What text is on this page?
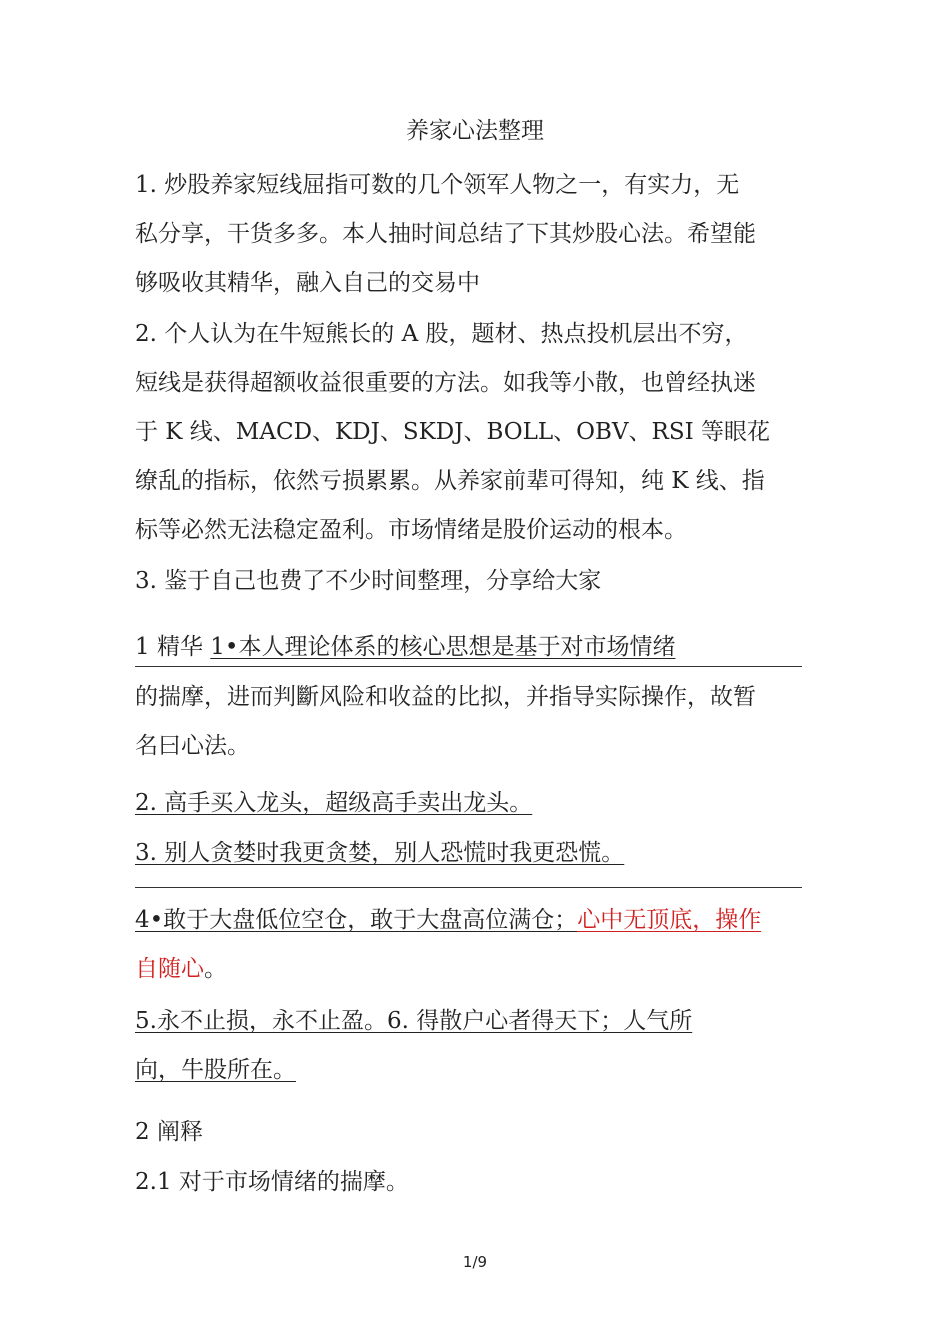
养家心法整理
1. 炒股养家短线屈指可数的几个领军人物之一，有实力，无
私分享，干货多多。本人抽时间总结了下其炒股心法。希望能
够吸收其精华，融入自己的交易中
2. 个人认为在牛短熊长的 A 股，题材、热点投机层出不穷，
短线是获得超额收益很重要的方法。如我等小散，也曾经执迷
于 K 线、MACD、KDJ、SKDJ、BOLL、OBV、RSI 等眼花
缭乱的指标，依然亏损累累。从养家前辈可得知，纯 K 线、指
标等必然无法稳定盈利。市场情绪是股价运动的根本。
3. 鉴于自己也费了不少时间整理，分享给大家
1 精华 1•本人理论体系的核心思想是基于对市场情绪
的揣摩，进而判斷风险和收益的比拟，并指导实际操作，故暂
名曰心法。
2. 高手买入龙头，超级高手卖出龙头。
3. 别人贪婪时我更贪婪，别人恐慌时我更恐慌。
4•敢于大盘低位空仓，敢于大盘高位满仓；心中无顶底，操作
自随心。
5.永不止损，永不止盈。6. 得散户心者得天下；人气所
向，牛股所在。
2 阐释
2.1 对于市场情绪的揣摩。
1/9
